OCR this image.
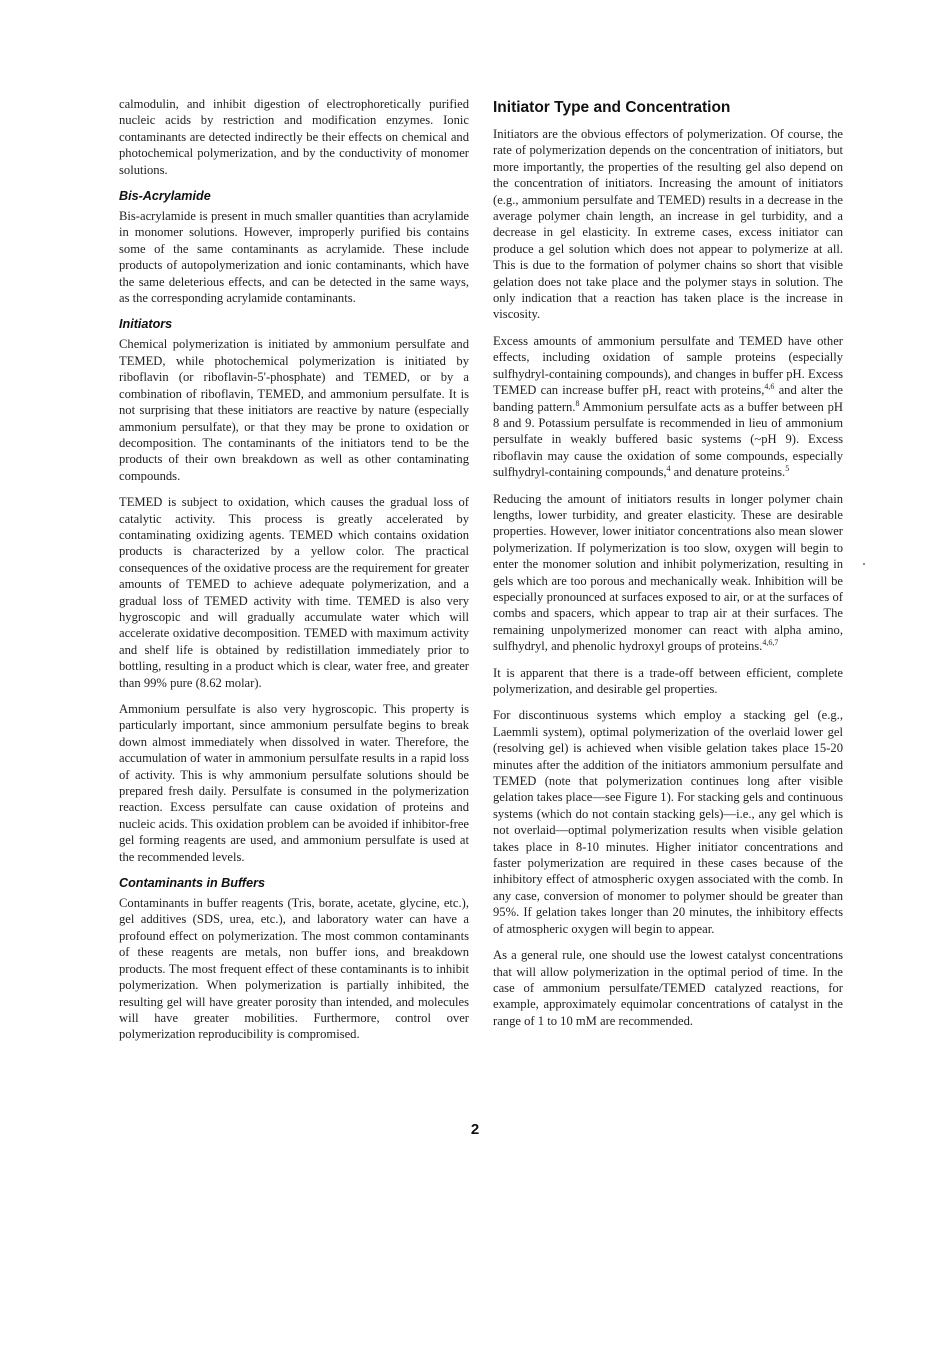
calmodulin, and inhibit digestion of electrophoretically purified nucleic acids by restriction and modification enzymes. Ionic contaminants are detected indirectly be their effects on chemical and photochemical polymerization, and by the conductivity of monomer solutions.

Bis-Acrylamide

Bis-acrylamide is present in much smaller quantities than acrylamide in monomer solutions. However, improperly purified bis contains some of the same contaminants as acrylamide. These include products of autopolymerization and ionic contaminants, which have the same deleterious effects, and can be detected in the same ways, as the corresponding acrylamide contaminants.

Initiators

Chemical polymerization is initiated by ammonium persulfate and TEMED, while photochemical polymerization is initiated by riboflavin (or riboflavin-5'-phosphate) and TEMED, or by a combination of riboflavin, TEMED, and ammonium persulfate. It is not surprising that these initiators are reactive by nature (especially ammonium persulfate), or that they may be prone to oxidation or decomposition. The contaminants of the initiators tend to be the products of their own breakdown as well as other contaminating compounds.

TEMED is subject to oxidation, which causes the gradual loss of catalytic activity. This process is greatly accelerated by contaminating oxidizing agents. TEMED which contains oxidation products is characterized by a yellow color. The practical consequences of the oxidative process are the requirement for greater amounts of TEMED to achieve adequate polymerization, and a gradual loss of TEMED activity with time. TEMED is also very hygroscopic and will gradually accumulate water which will accelerate oxidative decomposition. TEMED with maximum activity and shelf life is obtained by redistillation immediately prior to bottling, resulting in a product which is clear, water free, and greater than 99% pure (8.62 molar).

Ammonium persulfate is also very hygroscopic. This property is particularly important, since ammonium persulfate begins to break down almost immediately when dissolved in water. Therefore, the accumulation of water in ammonium persulfate results in a rapid loss of activity. This is why ammonium persulfate solutions should be prepared fresh daily. Persulfate is consumed in the polymerization reaction. Excess persulfate can cause oxidation of proteins and nucleic acids. This oxidation problem can be avoided if inhibitor-free gel forming reagents are used, and ammonium persulfate is used at the recommended levels.

Contaminants in Buffers

Contaminants in buffer reagents (Tris, borate, acetate, glycine, etc.), gel additives (SDS, urea, etc.), and laboratory water can have a profound effect on polymerization. The most common contaminants of these reagents are metals, non buffer ions, and breakdown products. The most frequent effect of these contaminants is to inhibit polymerization. When polymerization is partially inhibited, the resulting gel will have greater porosity than intended, and molecules will have greater mobilities. Furthermore, control over polymerization reproducibility is compromised.

Initiator Type and Concentration

Initiators are the obvious effectors of polymerization. Of course, the rate of polymerization depends on the concentration of initiators, but more importantly, the properties of the resulting gel also depend on the concentration of initiators. Increasing the amount of initiators (e.g., ammonium persulfate and TEMED) results in a decrease in the average polymer chain length, an increase in gel turbidity, and a decrease in gel elasticity. In extreme cases, excess initiator can produce a gel solution which does not appear to polymerize at all. This is due to the formation of polymer chains so short that visible gelation does not take place and the polymer stays in solution. The only indication that a reaction has taken place is the increase in viscosity.

Excess amounts of ammonium persulfate and TEMED have other effects, including oxidation of sample proteins (especially sulfhydryl-containing compounds), and changes in buffer pH. Excess TEMED can increase buffer pH, react with proteins,$^{4,6}$ and alter the banding pattern.$^8$ Ammonium persulfate acts as a buffer between pH 8 and 9. Potassium persulfate is recommended in lieu of ammonium persulfate in weakly buffered basic systems (~pH 9). Excess riboflavin may cause the oxidation of some compounds, especially sulfhydryl-containing compounds,$^4$ and denature proteins.$^5$

Reducing the amount of initiators results in longer polymer chain lengths, lower turbidity, and greater elasticity. These are desirable properties. However, lower initiator concentrations also mean slower polymerization. If polymerization is too slow, oxygen will begin to enter the monomer solution and inhibit polymerization, resulting in gels which are too porous and mechanically weak. Inhibition will be especially pronounced at surfaces exposed to air, or at the surfaces of combs and spacers, which appear to trap air at their surfaces. The remaining unpolymerized monomer can react with alpha amino, sulfhydryl, and phenolic hydroxyl groups of proteins.$^{4,6,7}$

It is apparent that there is a trade-off between efficient, complete polymerization, and desirable gel properties.

For discontinuous systems which employ a stacking gel (e.g., Laemmli system), optimal polymerization of the overlaid lower gel (resolving gel) is achieved when visible gelation takes place 15-20 minutes after the addition of the initiators ammonium persulfate and TEMED (note that polymerization continues long after visible gelation takes place—see Figure 1). For stacking gels and continuous systems (which do not contain stacking gels)—i.e., any gel which is not overlaid—optimal polymerization results when visible gelation takes place in 8-10 minutes. Higher initiator concentrations and faster polymerization are required in these cases because of the inhibitory effect of atmospheric oxygen associated with the comb. In any case, conversion of monomer to polymer should be greater than 95%. If gelation takes longer than 20 minutes, the inhibitory effects of atmospheric oxygen will begin to appear.

As a general rule, one should use the lowest catalyst concentrations that will allow polymerization in the optimal period of time. In the case of ammonium persulfate/TEMED catalyzed reactions, for example, approximately equimolar concentrations of catalyst in the range of 1 to 10 mM are recommended.

2
